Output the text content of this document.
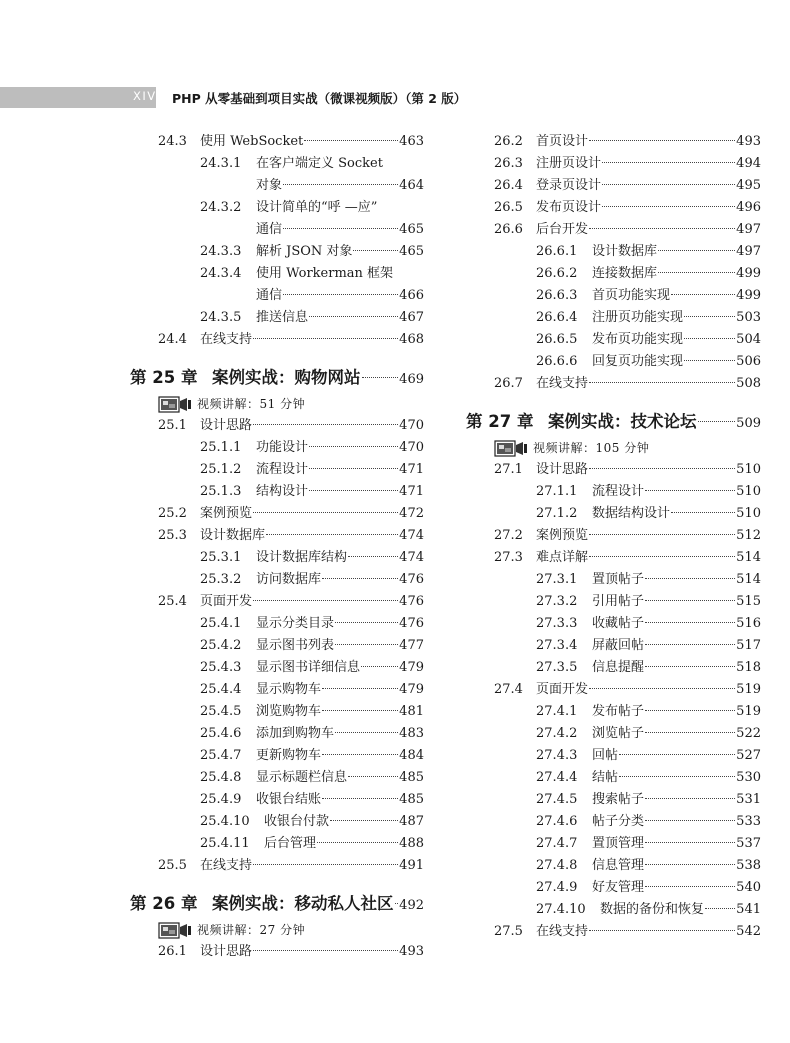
XIV	PHP 从零基础到项目实战（微课视频版）（第 2 版）
24.3 使用 WebSocket	463
24.3.1 在客户端定义 Socket
对象	464
24.3.2 设计简单的“呼 —应”
通信	465
24.3.3 解析 JSON 对象	465
24.3.4 使用 Workerman 框架
通信	466
24.3.5 推送信息	467
24.4 在线支持	468
第 25 章 案例实战：购物网站	469
视频讲解：51 分钟
25.1 设计思路	470
25.1.1 功能设计	470
25.1.2 流程设计	471
25.1.3 结构设计	471
25.2 案例预览	472
25.3 设计数据库	474
25.3.1 设计数据库结构	474
25.3.2 访问数据库	476
25.4 页面开发	476
25.4.1 显示分类目录	476
25.4.2 显示图书列表	477
25.4.3 显示图书详细信息	479
25.4.4 显示购物车	479
25.4.5 浏览购物车	481
25.4.6 添加到购物车	483
25.4.7 更新购物车	484
25.4.8 显示标题栏信息	485
25.4.9 收银台结账	485
25.4.10 收银台付款	487
25.4.11 后台管理	488
25.5 在线支持	491
第 26 章 案例实战：移动私人社区 492
视频讲解：27 分钟
26.1 设计思路	493
26.2 首页设计	493
26.3 注册页设计	494
26.4 登录页设计	495
26.5 发布页设计	496
26.6 后台开发	497
26.6.1 设计数据库	497
26.6.2 连接数据库	499
26.6.3 首页功能实现	499
26.6.4 注册页功能实现	503
26.6.5 发布页功能实现	504
26.6.6 回复页功能实现	506
26.7 在线支持	508
第 27 章 案例实战：技术论坛	509
视频讲解：105 分钟
27.1 设计思路	510
27.1.1 流程设计	510
27.1.2 数据结构设计	510
27.2 案例预览	512
27.3 难点详解	514
27.3.1 置顶帖子	514
27.3.2 引用帖子	515
27.3.3 收藏帖子	516
27.3.4 屏蔽回帖	517
27.3.5 信息提醒	518
27.4 页面开发	519
27.4.1 发布帖子	519
27.4.2 浏览帖子	522
27.4.3 回帖	527
27.4.4 结帖	530
27.4.5 搜索帖子	531
27.4.6 帖子分类	533
27.4.7 置顶管理	537
27.4.8 信息管理	538
27.4.9 好友管理	540
27.4.10 数据的备份和恢复 541
27.5 在线支持	542
